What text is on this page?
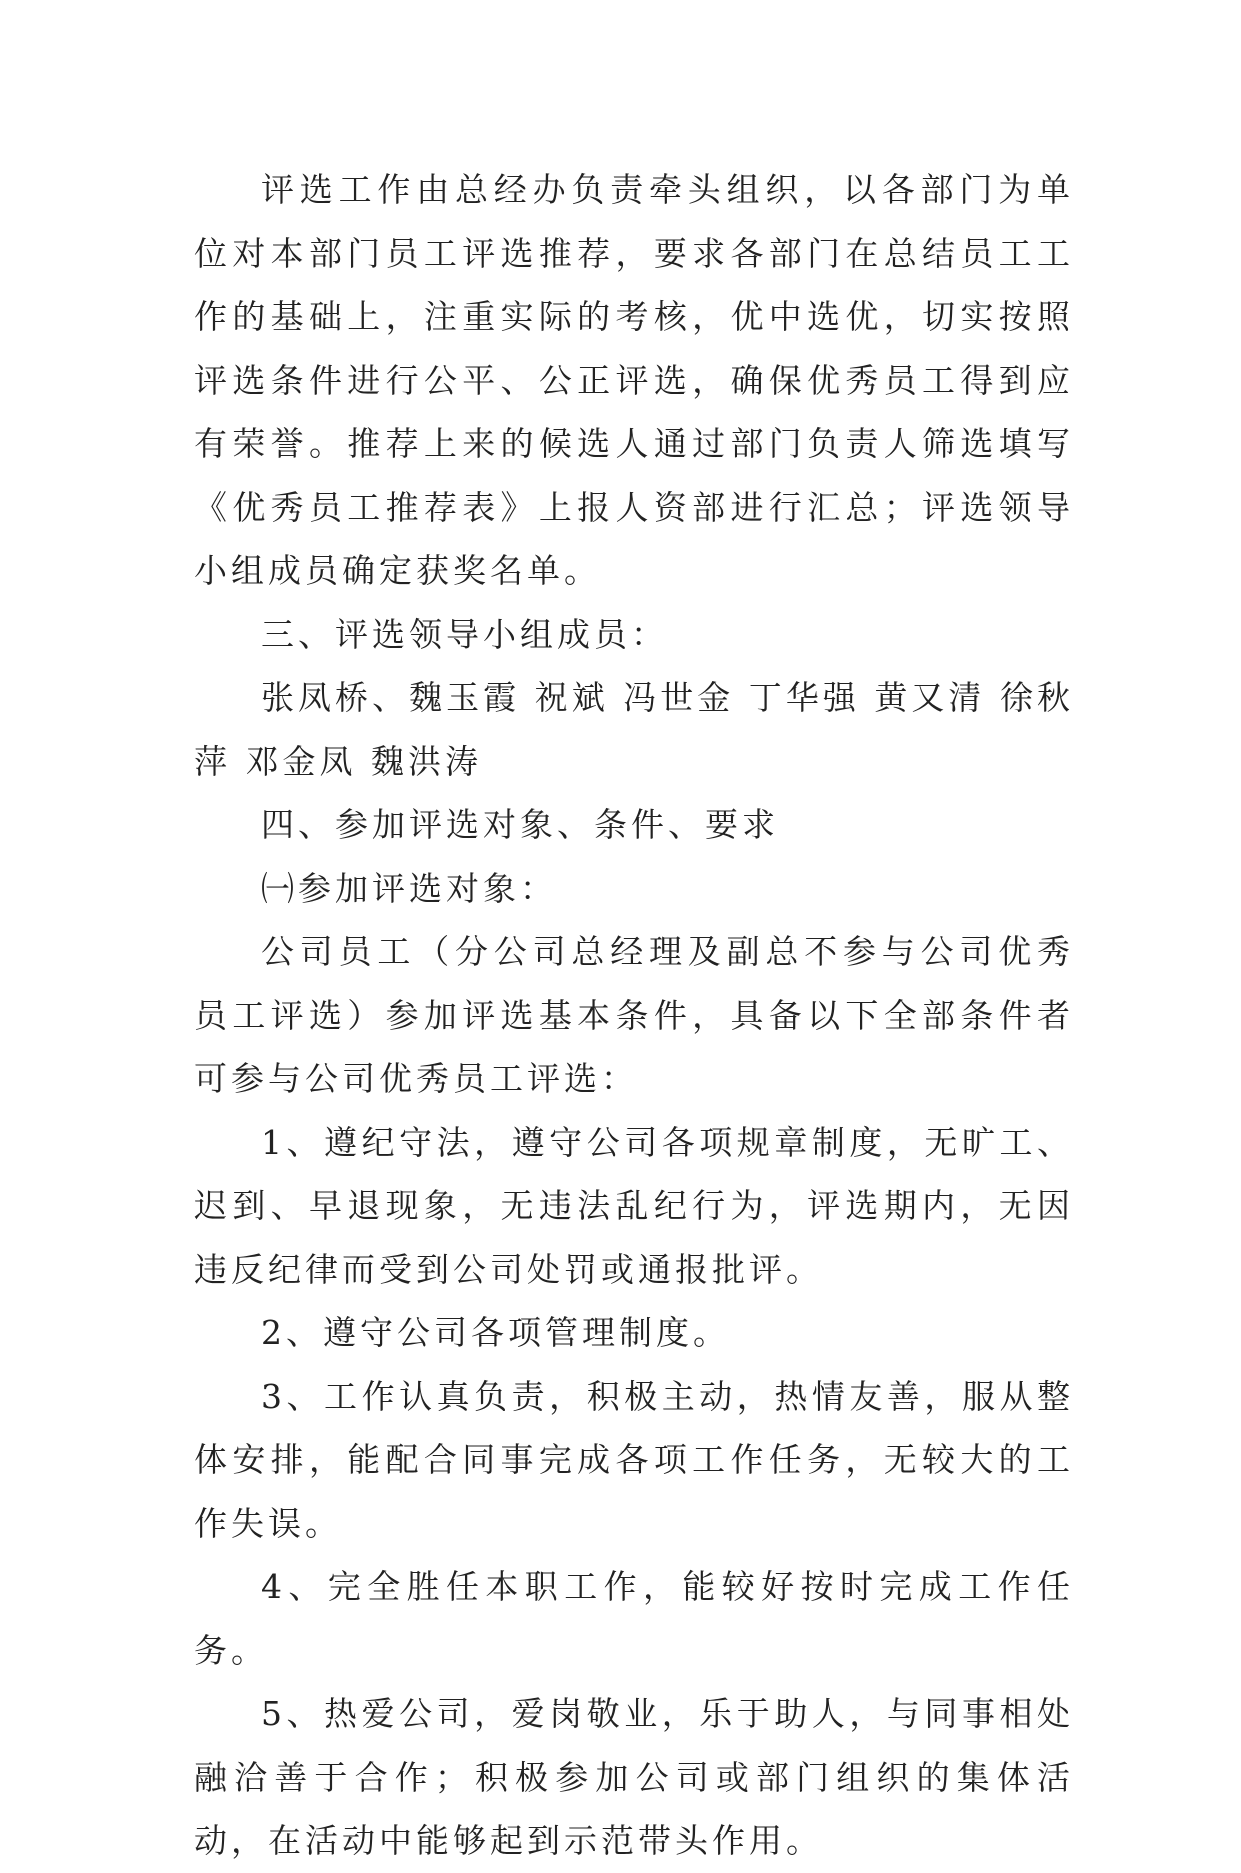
评选工作由总经办负责牵头组织，以各部门为单位对本部门员工评选推荐，要求各部门在总结员工工作的基础上，注重实际的考核，优中选优，切实按照评选条件进行公平、公正评选，确保优秀员工得到应有荣誉。推荐上来的候选人通过部门负责人筛选填写《优秀员工推荐表》上报人资部进行汇总；评选领导小组成员确定获奖名单。

三、评选领导小组成员：

张凤桥、魏玉霞 祝斌 冯世金 丁华强 黄又清 徐秋萍 邓金凤 魏洪涛

四、参加评选对象、条件、要求

㈠参加评选对象：

公司员工（分公司总经理及副总不参与公司优秀员工评选）参加评选基本条件，具备以下全部条件者可参与公司优秀员工评选：

1、遵纪守法，遵守公司各项规章制度，无旷工、迟到、早退现象，无违法乱纪行为，评选期内，无因违反纪律而受到公司处罚或通报批评。

2、遵守公司各项管理制度。

3、工作认真负责，积极主动，热情友善，服从整体安排，能配合同事完成各项工作任务，无较大的工作失误。

4、完全胜任本职工作，能较好按时完成工作任务。

5、热爱公司，爱岗敬业，乐于助人，与同事相处融洽善于合作；积极参加公司或部门组织的集体活动，在活动中能够起到示范带头作用。
